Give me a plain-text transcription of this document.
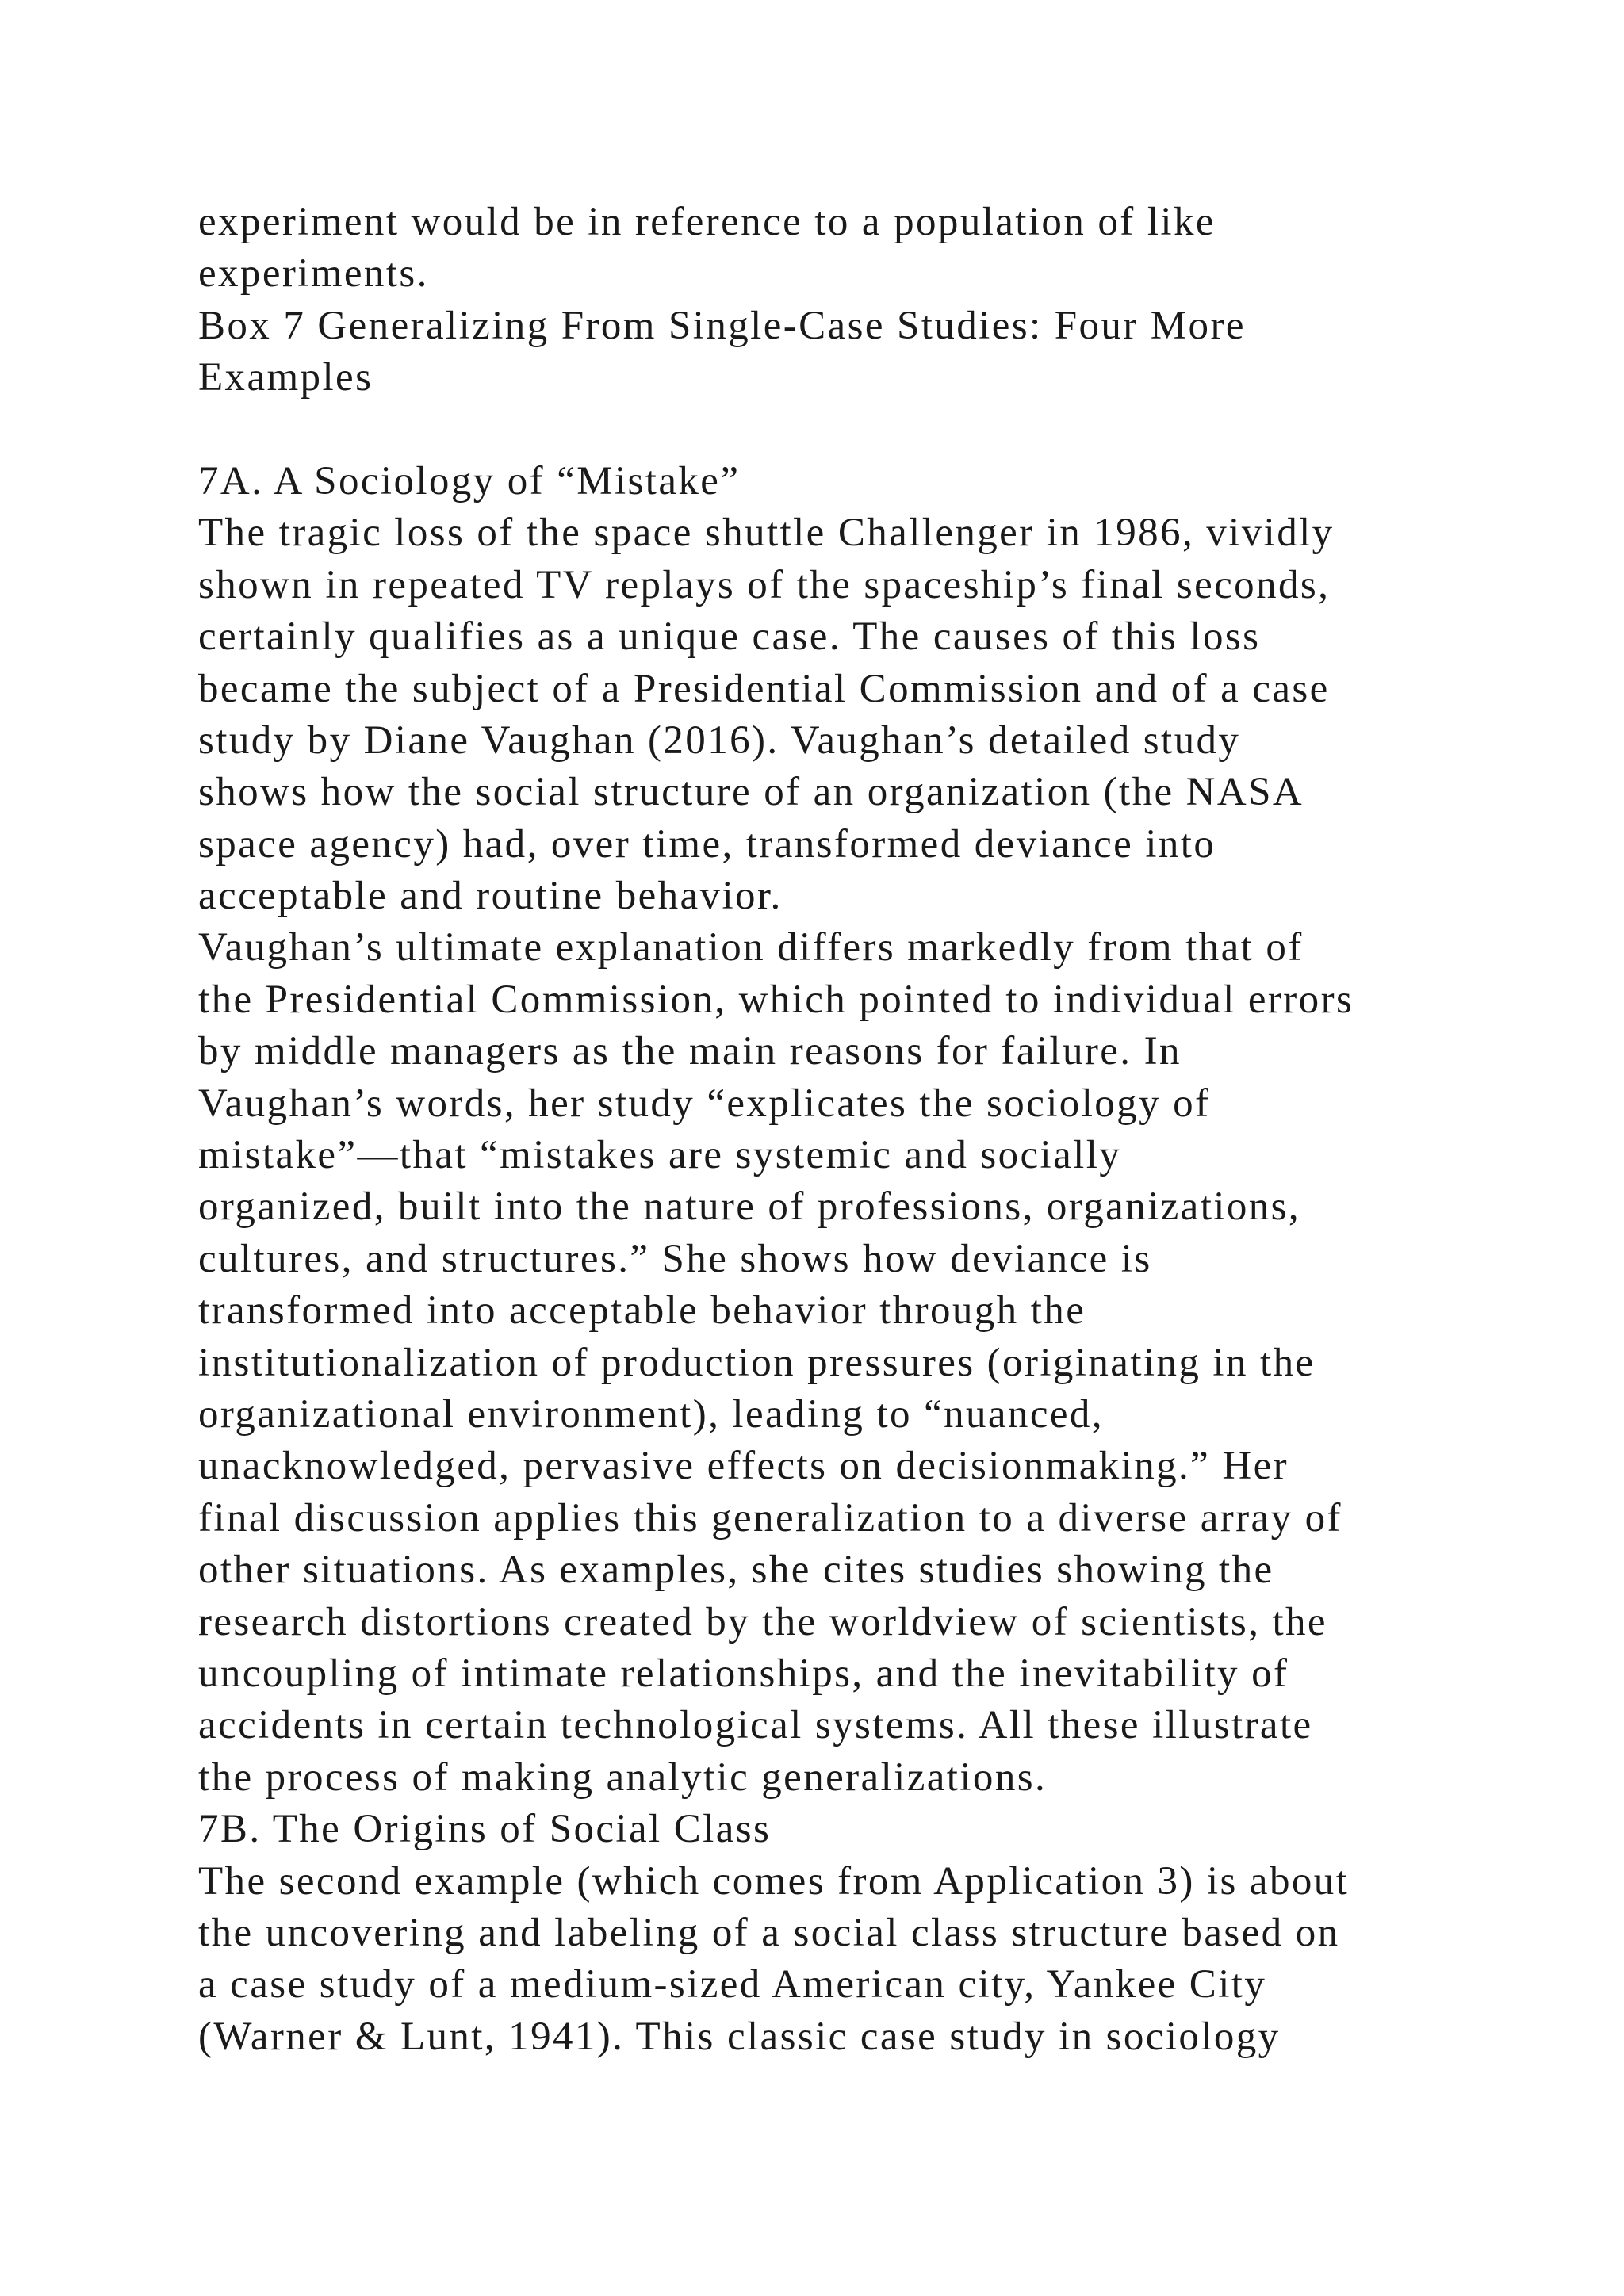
experiment would be in reference to a population of like
experiments.
Box 7 Generalizing From Single-Case Studies: Four More
Examples
7A. A Sociology of “Mistake”
The tragic loss of the space shuttle Challenger in 1986, vividly
shown in repeated TV replays of the spaceship’s final seconds,
certainly qualifies as a unique case. The causes of this loss
became the subject of a Presidential Commission and of a case
study by Diane Vaughan (2016). Vaughan’s detailed study
shows how the social structure of an organization (the NASA
space agency) had, over time, transformed deviance into
acceptable and routine behavior.
Vaughan’s ultimate explanation differs markedly from that of
the Presidential Commission, which pointed to individual errors
by middle managers as the main reasons for failure. In
Vaughan’s words, her study “explicates the sociology of
mistake”—that “mistakes are systemic and socially
organized, built into the nature of professions, organizations,
cultures, and structures.” She shows how deviance is
transformed into acceptable behavior through the
institutionalization of production pressures (originating in the
organizational environment), leading to “nuanced,
unacknowledged, pervasive effects on decisionmaking.” Her
final discussion applies this generalization to a diverse array of
other situations. As examples, she cites studies showing the
research distortions created by the worldview of scientists, the
uncoupling of intimate relationships, and the inevitability of
accidents in certain technological systems. All these illustrate
the process of making analytic generalizations.
7B. The Origins of Social Class
The second example (which comes from Application 3) is about
the uncovering and labeling of a social class structure based on
a case study of a medium-sized American city, Yankee City
(Warner & Lunt, 1941). This classic case study in sociology
